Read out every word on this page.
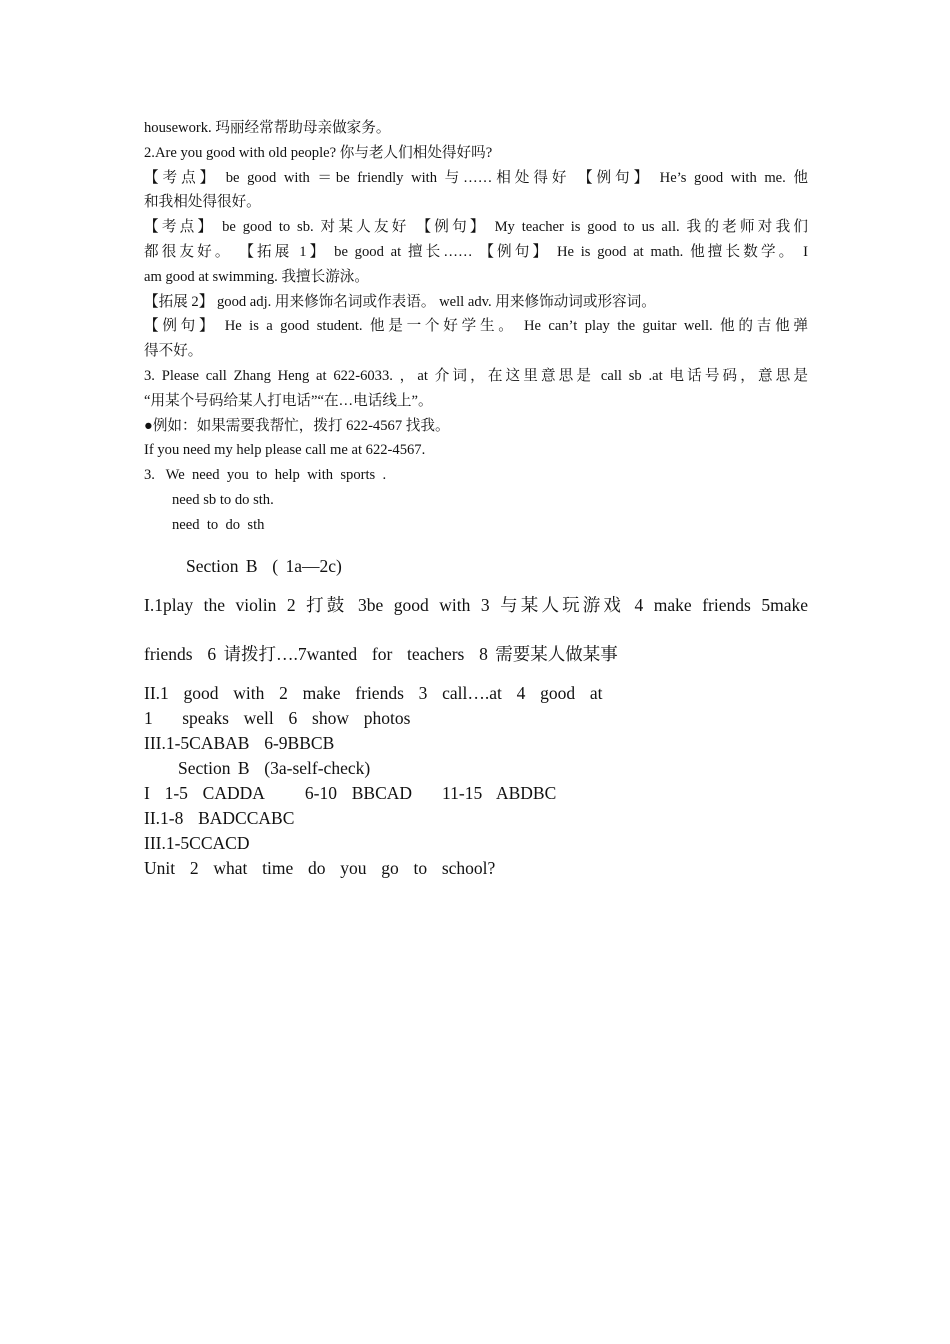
housework. 玛丽经常帮助母亲做家务。

2.Are you good with old people? 你与老人们相处得好吗?

【考点】 be good with ＝be friendly with 与……相处得好 【例句】 He’s good with me. 他

和我相处得很好。

【考点】 be good to sb. 对某人友好 【例句】 My teacher is good to us all. 我的老师对我们

都很友好。 【拓展 1】 be good at 擅长…… 【例句】 He is good at math. 他擅长数学。 I

am good at swimming. 我擅长游泳。

【拓展 2】 good adj. 用来修饰名词或作表语。 well adv. 用来修饰动词或形容词。

【例句】 He is a good student. 他是一个好学生。 He can’t play the guitar well. 他的吉他弹

得不好。

3. Please call Zhang Heng at 622-6033. ，at 介词，在这里意思是 call sb .at 电话号码，意思是

“用某个号码给某人打电话”“在…电话线上”。

●例如：如果需要我帮忙，拨打 622-4567 找我。

If you need my help please call me at 622-4567.

3.   We  need  you  to  help  with  sports  .

need sb to do sth.

need  to  do  sth

Section B  ( 1a—2c)

I.1play the violin 2 打鼓 3be good with 3 与某人玩游戏 4 make friends 5make

friends  6 请拨打….7wanted  for  teachers  8 需要某人做某事

II.1  good  with  2  make  friends  3  call….at  4  good  at

1    speaks  well  6  show  photos

III.1-5CABAB  6-9BBCB

Section B  (3a-self-check)

I  1-5  CADDA 6-10  BBCAD 11-15  ABDBC

II.1-8  BADCCABC

III.1-5CCACD

Unit  2  what  time  do  you  go  to  school?
